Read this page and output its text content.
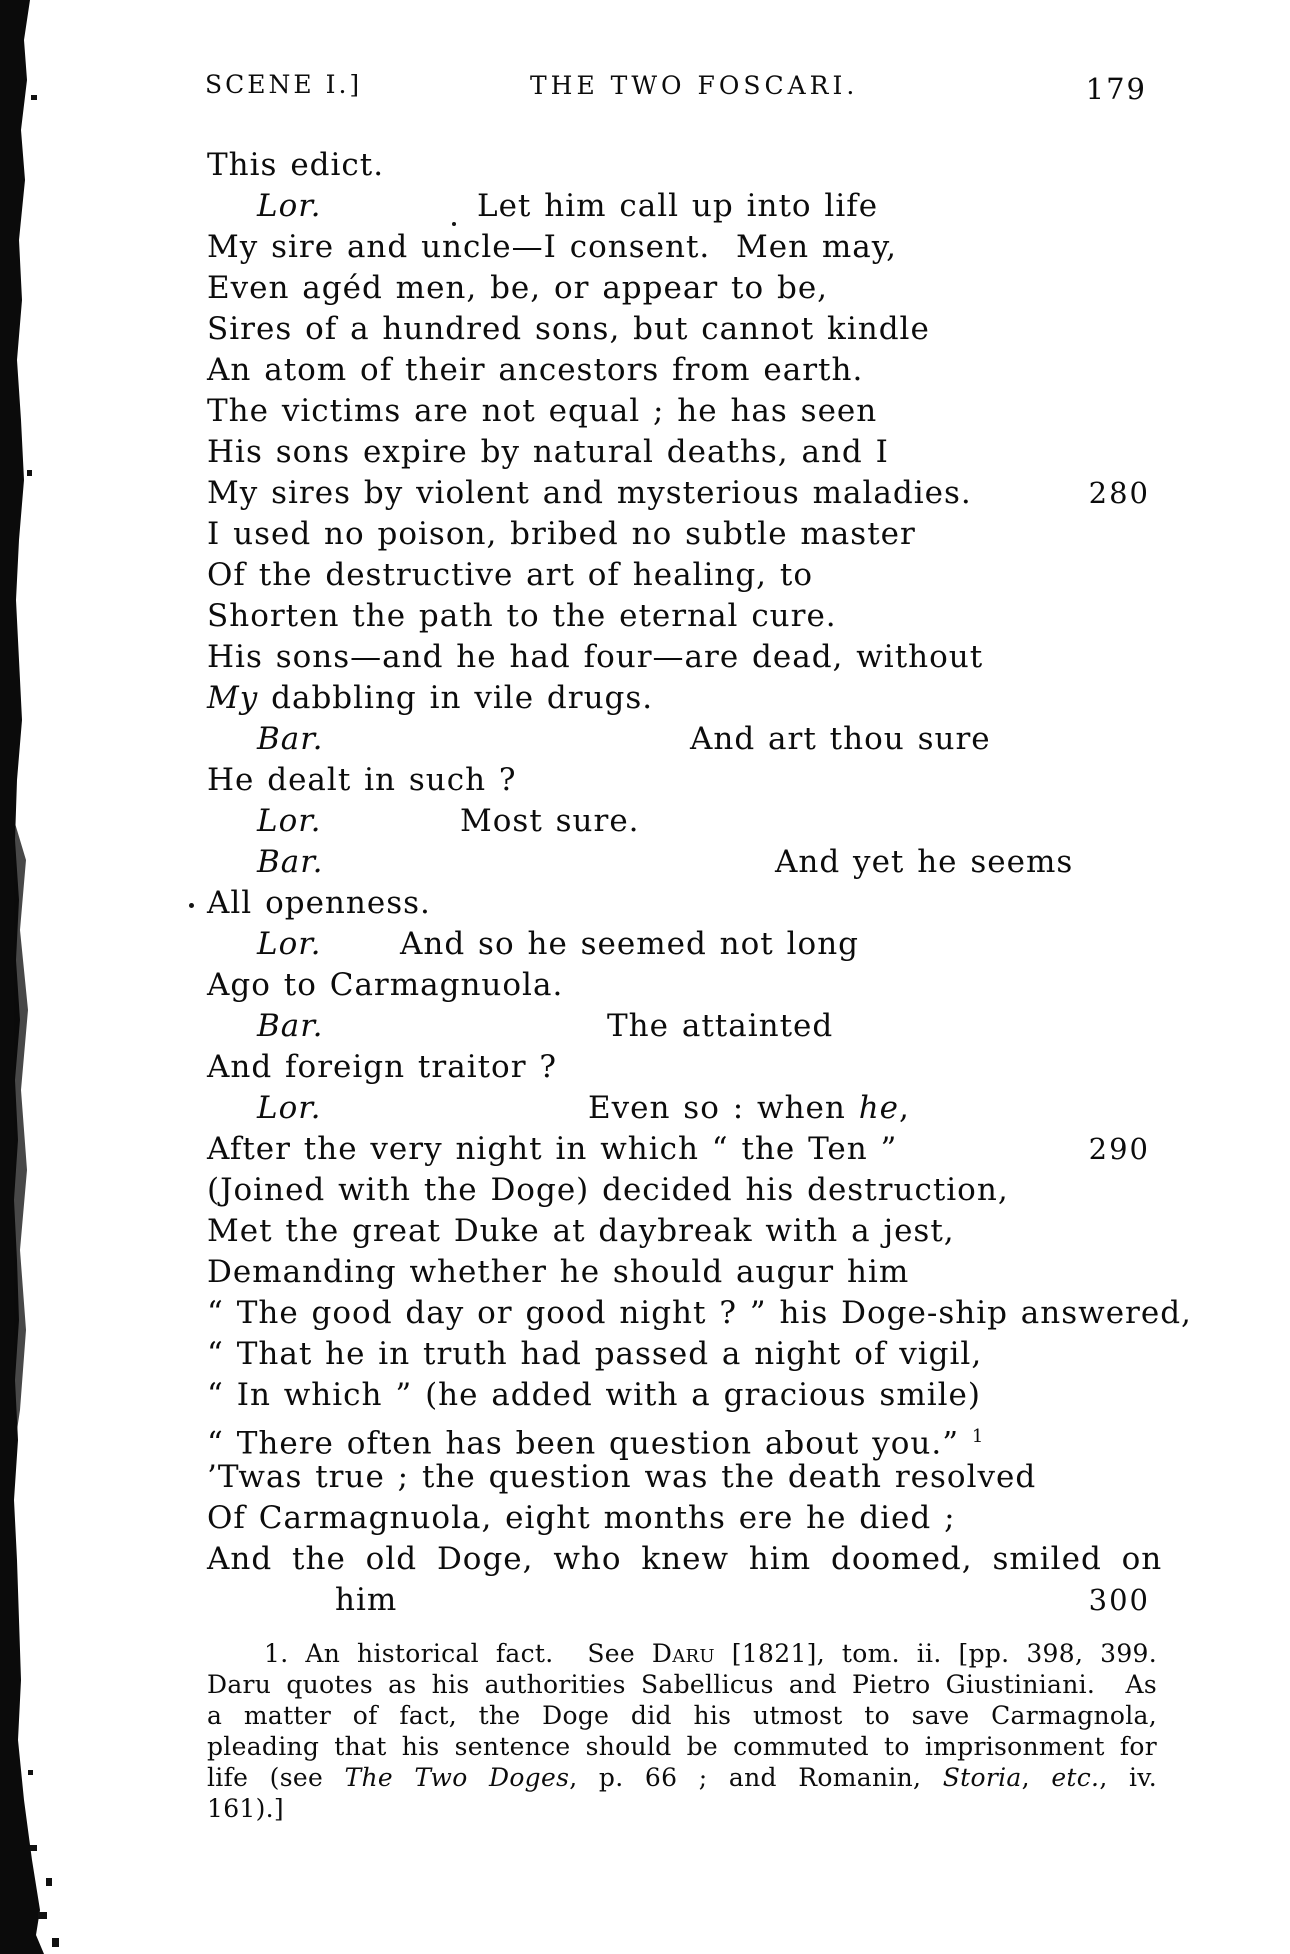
SCENE I.]	THE TWO FOSCARI.	179
This edict.
Lor.	Let him call up into life
My sire and uncle—I consent.  Men may,
Even agéd men, be, or appear to be,
Sires of a hundred sons, but cannot kindle
An atom of their ancestors from earth.
The victims are not equal ; he has seen
His sons expire by natural deaths, and I
My sires by violent and mysterious maladies.	280
I used no poison, bribed no subtle master
Of the destructive art of healing, to
Shorten the path to the eternal cure.
His sons—and he had four—are dead, without
My dabbling in vile drugs.
Bar.	And art thou sure
He dealt in such ?
Lor.	Most sure.
Bar.	And yet he seems
All openness.
Lor.	And so he seemed not long
Ago to Carmagnuola.
Bar.	The attainted
And foreign traitor ?
Lor.	Even so : when he,
After the very night in which “ the Ten ”	290
(Joined with the Doge) decided his destruction,
Met the great Duke at daybreak with a jest,
Demanding whether he should augur him
“ The good day or good night ? ” his Doge-ship answered,
“ That he in truth had passed a night of vigil,
“ In which ” (he added with a gracious smile)
“ There often has been question about you.” $^1$
’Twas true ; the question was the death resolved
Of Carmagnuola, eight months ere he died ;
And the old Doge, who knew him doomed, smiled on
him	300
1. An historical fact.  See Daru [1821], tom. ii. [pp. 398, 399.
Daru quotes as his authorities Sabellicus and Pietro Giustiniani.  As
a matter of fact, the Doge did his utmost to save Carmagnola,
pleading that his sentence should be commuted to imprisonment for
life (see The Two Doges, p. 66 ; and Romanin, Storia, etc., iv.
161).]
